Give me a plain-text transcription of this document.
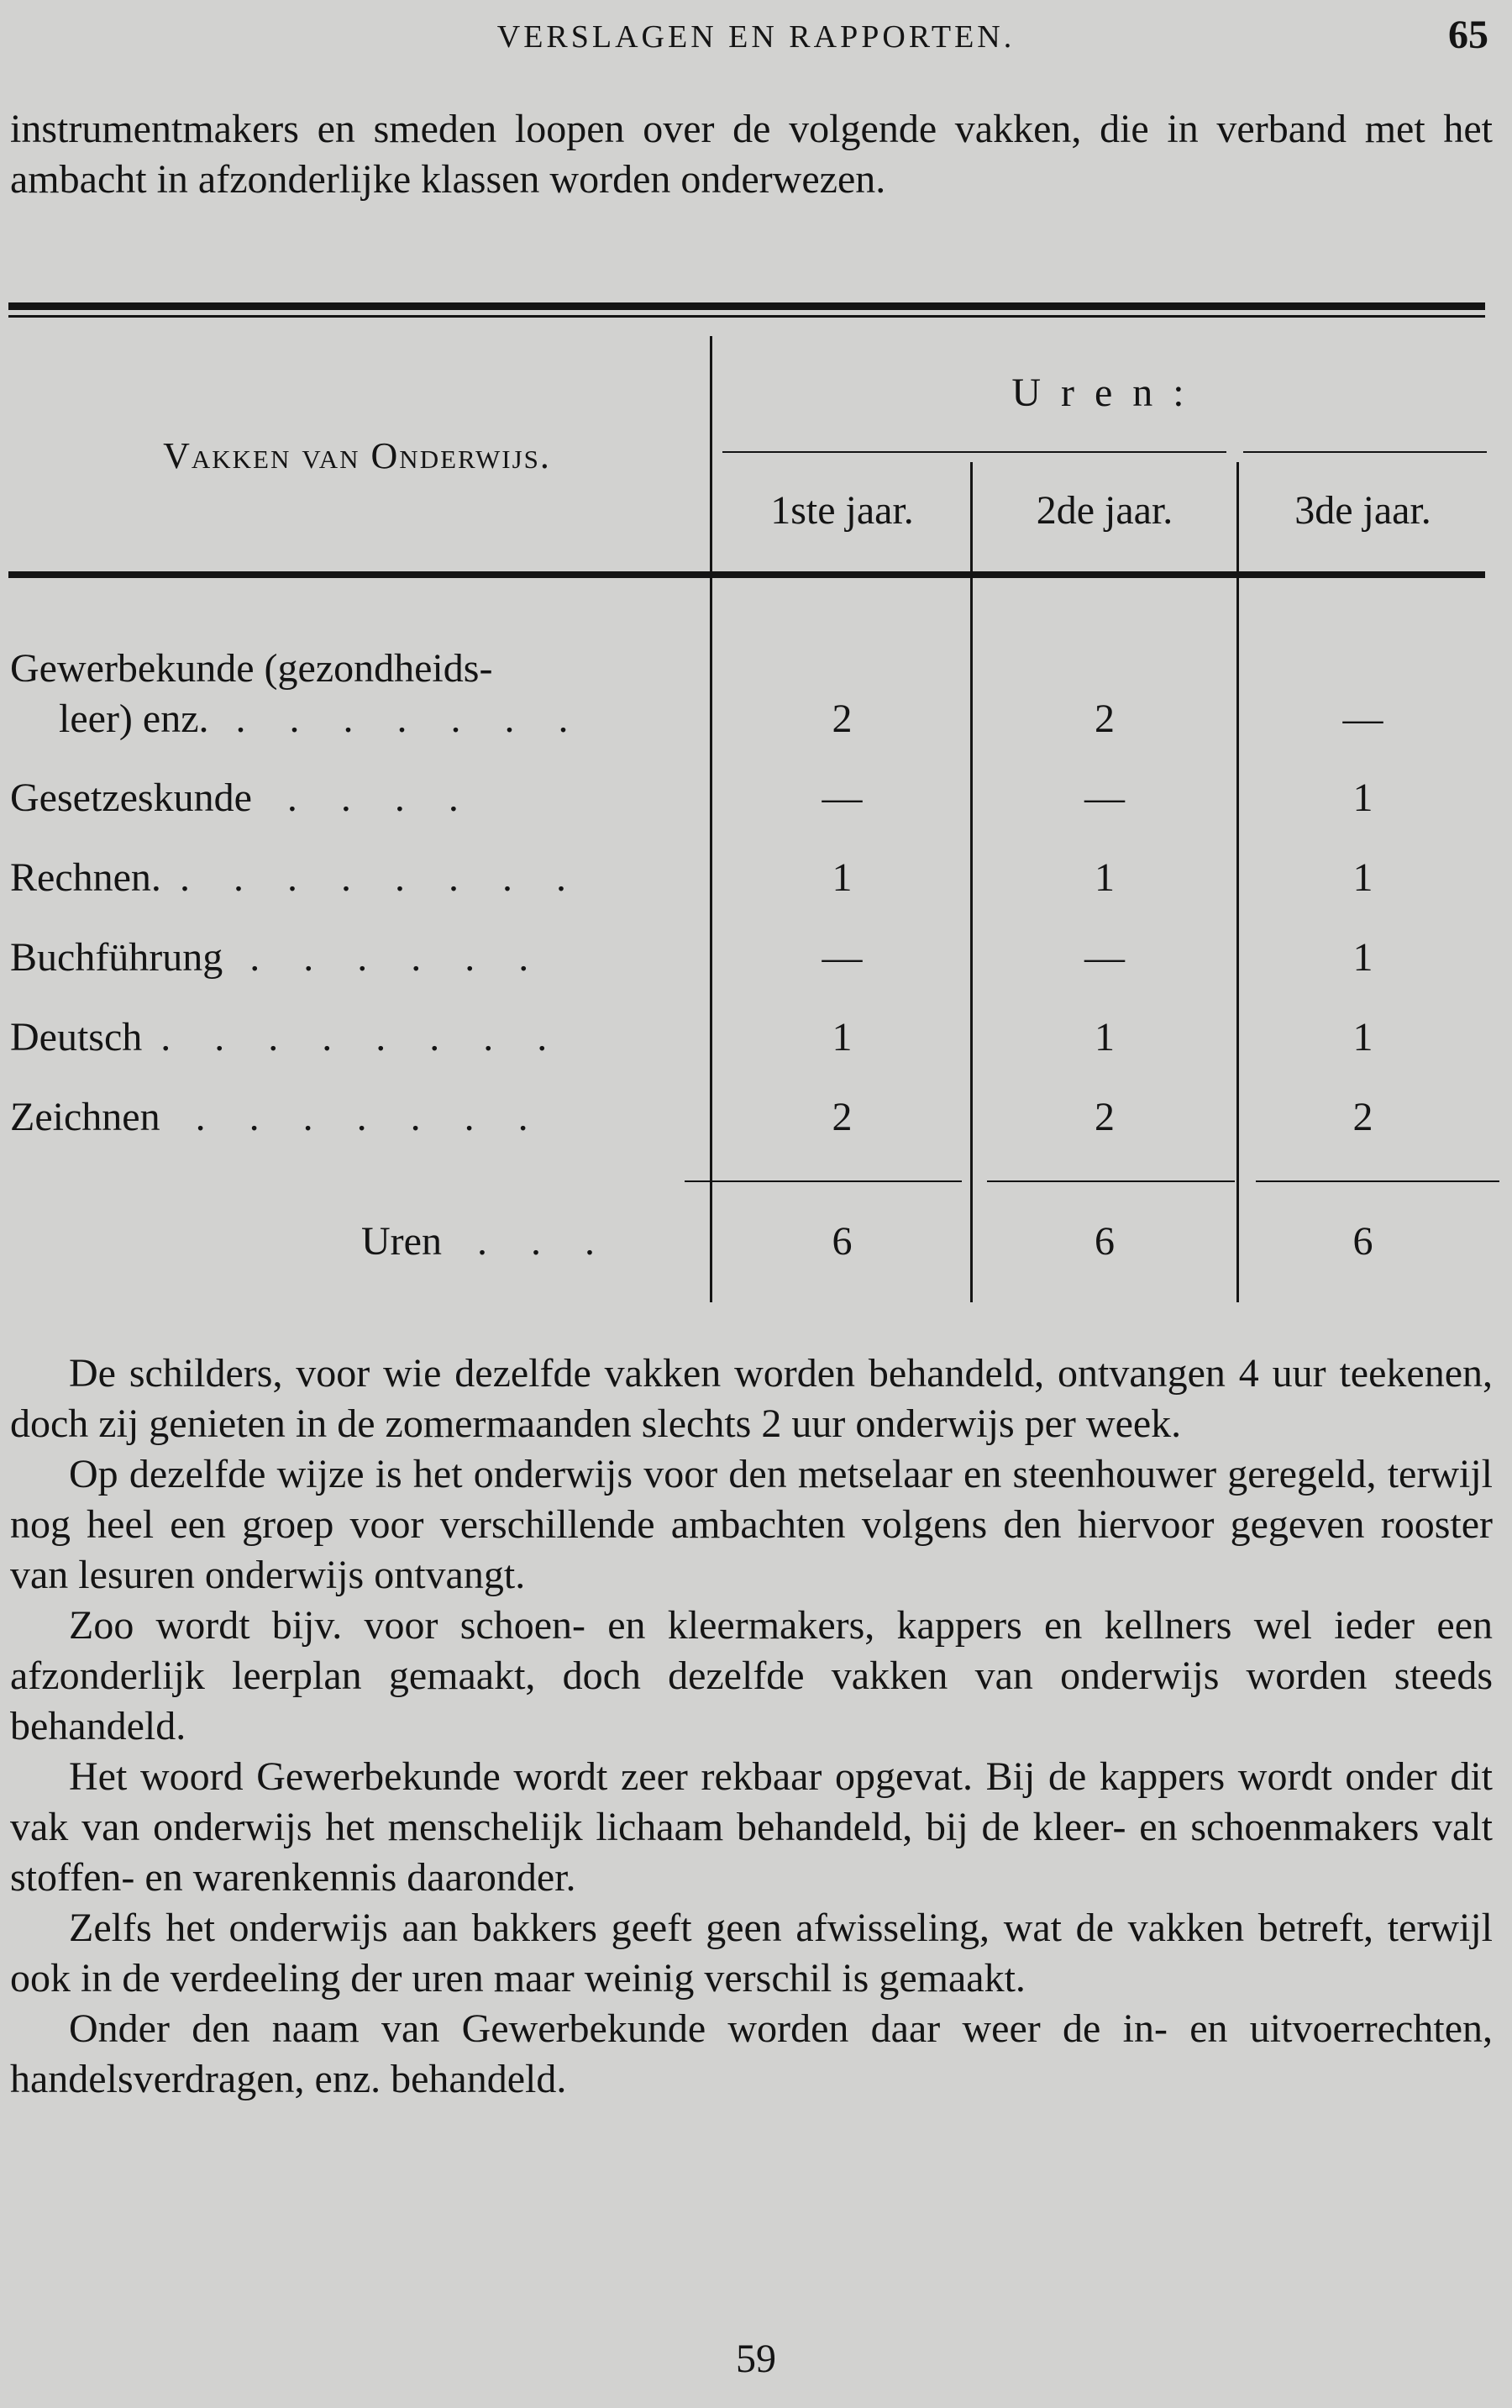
VERSLAGEN EN RAPPORTEN.	65
instrumentmakers en smeden loopen over de volgende vakken, die in verband met het ambacht in afzonderlijke klassen worden onderwezen.
Vakken van Onderwijs.
U r e n :
1ste jaar.	2de jaar.	3de jaar.
Gewerbekunde (gezondheids-
leer) enz. . . . . . . .	2	2	—
Gesetzeskunde . . . .	—	—	1
Rechnen. . . . . . . . .	1	1	1
Buchführung . . . . . .	—	—	1
Deutsch . . . . . . . .	1	1	1
Zeichnen . . . . . . .	2	2	2
Uren . . .	6	6	6

De schilders, voor wie dezelfde vakken worden behandeld, ontvangen 4 uur teekenen, doch zij genieten in de zomermaanden slechts 2 uur onderwijs per week.

Op dezelfde wijze is het onderwijs voor den metselaar en steenhouwer geregeld, terwijl nog heel een groep voor verschillende ambachten volgens den hiervoor gegeven rooster van lesuren onderwijs ontvangt.

Zoo wordt bijv. voor schoen- en kleermakers, kappers en kellners wel ieder een afzonderlijk leerplan gemaakt, doch dezelfde vakken van onderwijs worden steeds behandeld.

Het woord Gewerbekunde wordt zeer rekbaar opgevat. Bij de kappers wordt onder dit vak van onderwijs het menschelijk lichaam behandeld, bij de kleer- en schoenmakers valt stoffen- en warenkennis daaronder.

Zelfs het onderwijs aan bakkers geeft geen afwisseling, wat de vakken betreft, terwijl ook in de verdeeling der uren maar weinig verschil is gemaakt.

Onder den naam van Gewerbekunde worden daar weer de in- en uitvoerrechten, handelsverdragen, enz. behandeld.

59
